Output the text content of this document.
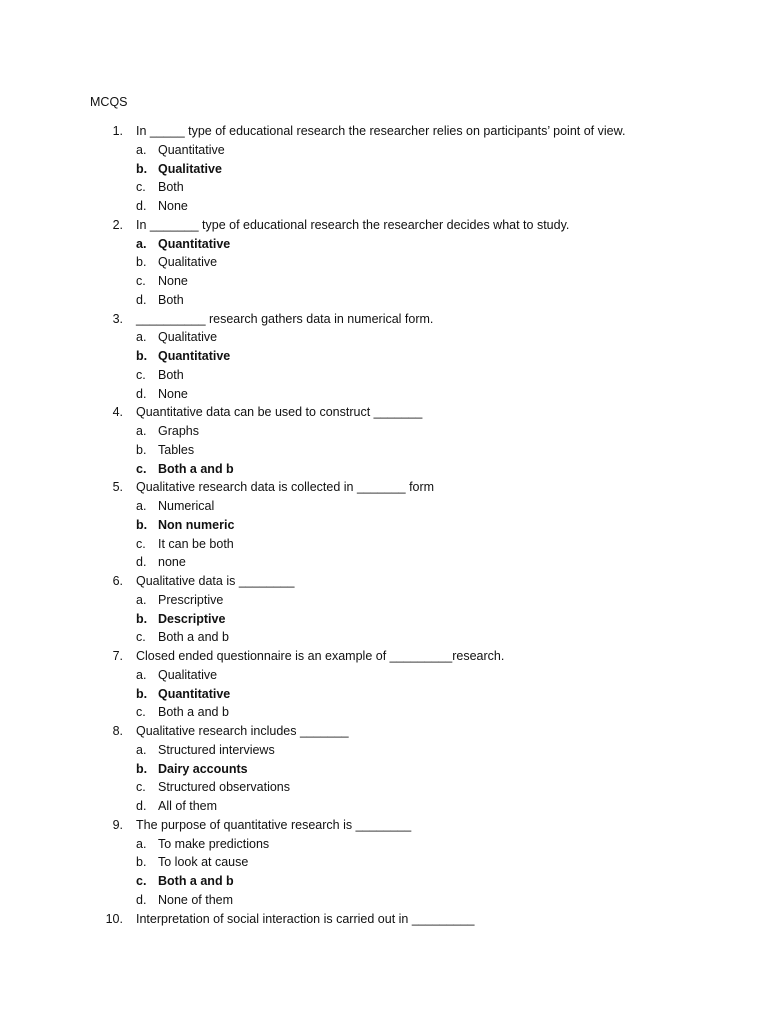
MCQS
1. In _____ type of educational research the researcher relies on participants’ point of view.
a. Quantitative
b. Qualitative
c. Both
d. None
2. In _______ type of educational research the researcher decides what to study.
a. Quantitative
b. Qualitative
c. None
d. Both
3. __________ research gathers data in numerical form.
a. Qualitative
b. Quantitative
c. Both
d. None
4. Quantitative data can be used to construct _______
a. Graphs
b. Tables
c. Both a and b
5. Qualitative research data is collected in _______ form
a. Numerical
b. Non numeric
c. It can be both
d. none
6. Qualitative data is ________
a. Prescriptive
b. Descriptive
c. Both a and b
7. Closed ended questionnaire is an example of _________research.
a. Qualitative
b. Quantitative
c. Both a and b
8. Qualitative research includes _______
a. Structured interviews
b. Dairy accounts
c. Structured observations
d. All of them
9. The purpose of quantitative research is ________
a. To make predictions
b. To look at cause
c. Both a and b
d. None of them
10. Interpretation of social interaction is carried out in _________
